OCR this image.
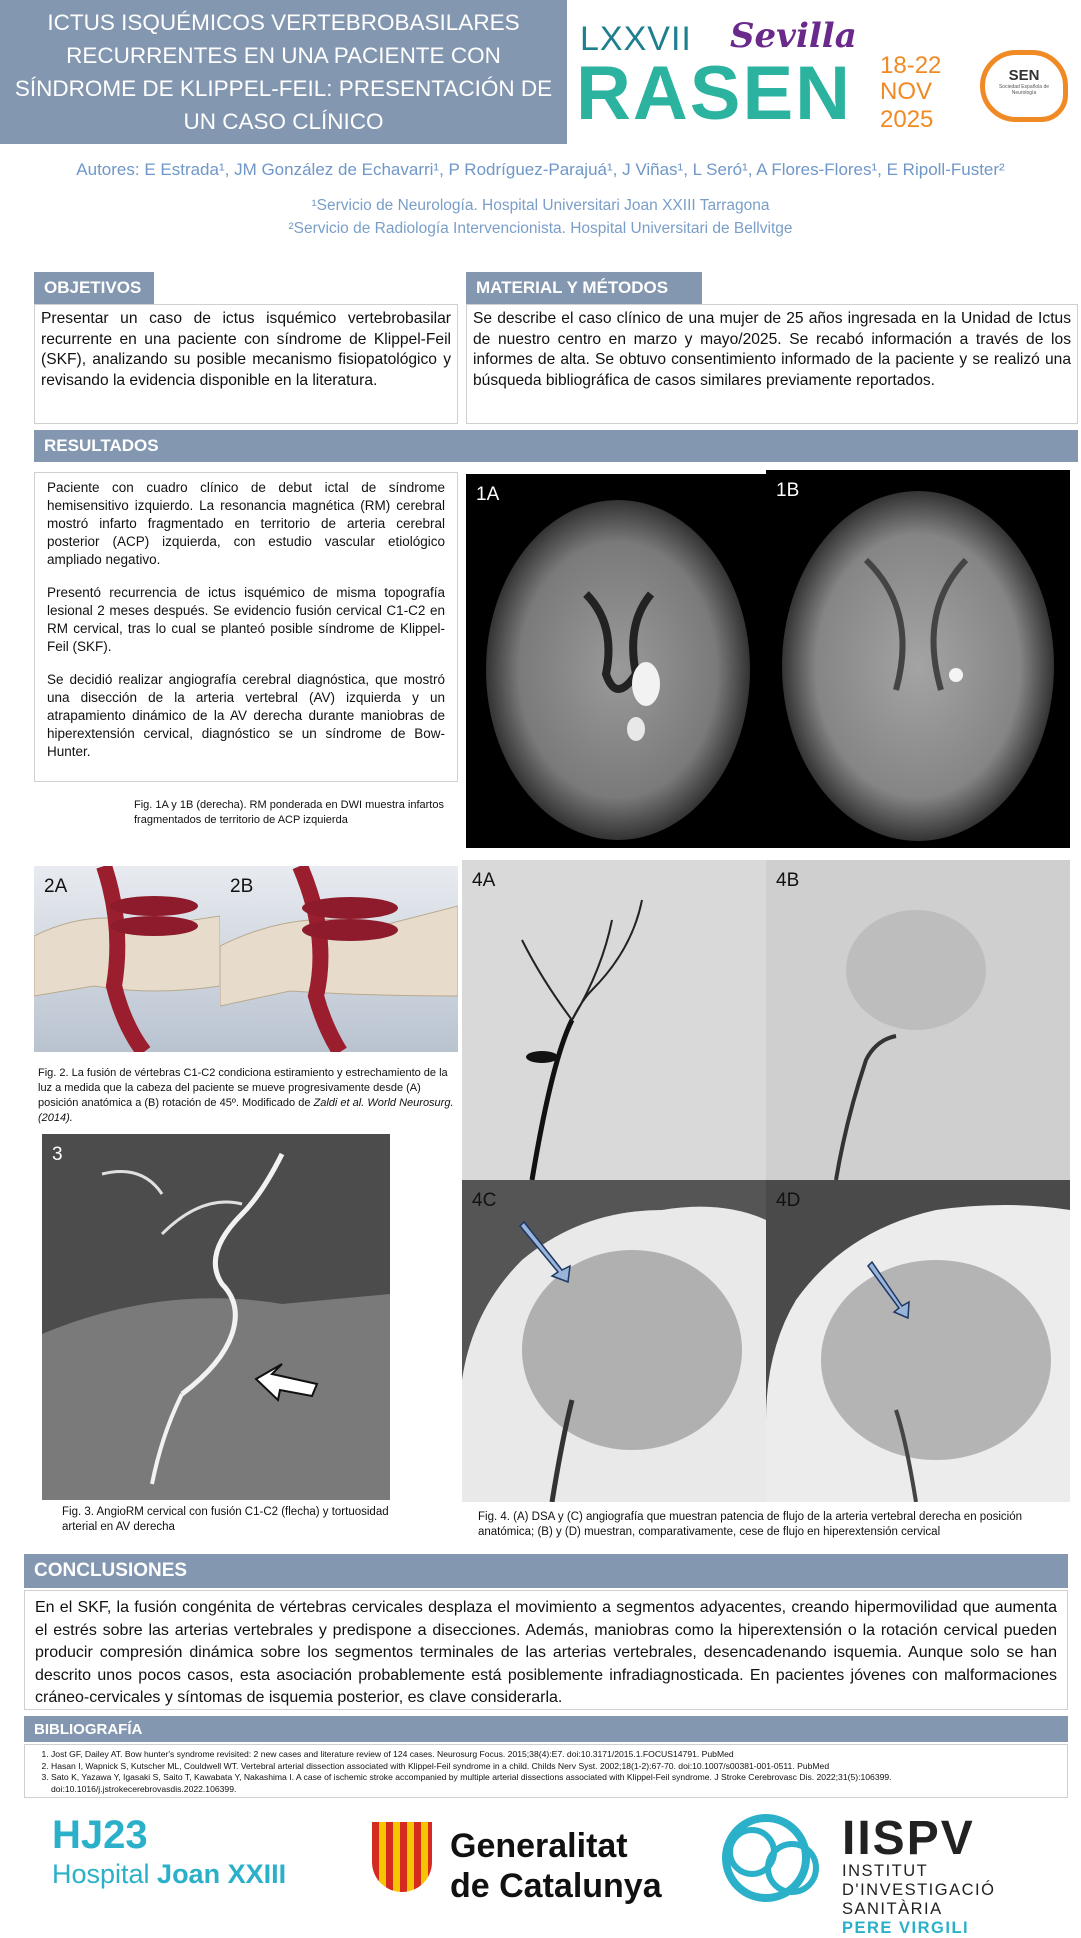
ICTUS ISQUÉMICOS VERTEBROBASILARES RECURRENTES EN UNA PACIENTE CON SÍNDROME DE KLIPPEL-FEIL: PRESENTACIÓN DE UN CASO CLÍNICO
LXXVII Sevilla
RASEN 18-22
NOV
2025
SEN
Sociedad Española de Neurología
Autores: E Estrada¹, JM González de Echavarri¹, P Rodríguez-Parajuá¹, J Viñas¹, L Seró¹, A Flores-Flores¹, E Ripoll-Fuster²
¹Servicio de Neurología. Hospital Universitari Joan XXIII Tarragona
²Servicio de Radiología Intervencionista. Hospital Universitari de Bellvitge
OBJETIVOS
Presentar un caso de ictus isquémico vertebrobasilar recurrente en una paciente con síndrome de Klippel-Feil (SKF), analizando su posible mecanismo fisiopatológico y revisando la evidencia disponible en la literatura.
MATERIAL Y MÉTODOS
Se describe el caso clínico de una mujer de 25 años ingresada en la Unidad de Ictus de nuestro centro en marzo y mayo/2025. Se recabó información a través de los informes de alta. Se obtuvo consentimiento informado de la paciente y se realizó una búsqueda bibliográfica de casos similares previamente reportados.
RESULTADOS

Paciente con cuadro clínico de debut ictal de síndrome hemisensitivo izquierdo. La resonancia magnética (RM) cerebral mostró infarto fragmentado en territorio de arteria cerebral posterior (ACP) izquierda, con estudio vascular etiológico ampliado negativo.

Presentó recurrencia de ictus isquémico de misma topografía lesional 2 meses después. Se evidencio fusión cervical C1-C2 en RM cervical, tras lo cual se planteó posible síndrome de Klippel-Feil (SKF).

Se decidió realizar angiografía cerebral diagnóstica, que mostró una disección de la arteria vertebral (AV) izquierda y un atrapamiento dinámico de la AV derecha durante maniobras de hiperextensión cervical, diagnóstico se un síndrome de Bow-Hunter.

Fig. 1A y 1B (derecha). RM ponderada en DWI muestra infartos fragmentados de territorio de ACP izquierda
1A	1B
2A	2B
Fig. 2. La fusión de vértebras C1-C2 condiciona estiramiento y estrechamiento de la luz a medida que la cabeza del paciente se mueve progresivamente desde (A) posición anatómica a (B) rotación de 45º. Modificado de Zaldi et al. World Neurosurg. (2014).
3
Fig. 3. AngioRM cervical con fusión C1-C2 (flecha) y tortuosidad arterial en AV derecha
4A	4B
4C	4D
Fig. 4. (A) DSA y (C) angiografía que muestran patencia de flujo de la arteria vertebral derecha en posición anatómica; (B) y (D) muestran, comparativamente, cese de flujo en hiperextensión cervical
CONCLUSIONES
En el SKF, la fusión congénita de vértebras cervicales desplaza el movimiento a segmentos adyacentes, creando hipermovilidad que aumenta el estrés sobre las arterias vertebrales y predispone a disecciones. Además, maniobras como la hiperextensión o la rotación cervical pueden producir compresión dinámica sobre los segmentos terminales de las arterias vertebrales, desencadenando isquemia. Aunque solo se han descrito unos pocos casos, esta asociación probablemente está posiblemente infradiagnosticada. En pacientes jóvenes con malformaciones cráneo-cervicales y síntomas de isquemia posterior, es clave considerarla.
BIBLIOGRAFÍA
1. Jost GF, Dailey AT. Bow hunter's syndrome revisited: 2 new cases and literature review of 124 cases. Neurosurg Focus. 2015;38(4):E7. doi:10.3171/2015.1.FOCUS14791. PubMed
2. Hasan I, Wapnick S, Kutscher ML, Couldwell WT. Vertebral arterial dissection associated with Klippel-Feil syndrome in a child. Childs Nerv Syst. 2002;18(1-2):67-70. doi:10.1007/s00381-001-0511. PubMed
3. Sato K, Yazawa Y, Igasaki S, Saito T, Kawabata Y, Nakashima I. A case of ischemic stroke accompanied by multiple arterial dissections associated with Klippel-Feil syndrome. J Stroke Cerebrovasc Dis. 2022;31(5):106399. doi:10.1016/j.jstrokecerebrovasdis.2022.106399.
HJ23
Hospital Joan XXIII
Generalitat
de Catalunya
IISPV
INSTITUT
D'INVESTIGACIÓ
SANITÀRIA
PERE VIRGILI
